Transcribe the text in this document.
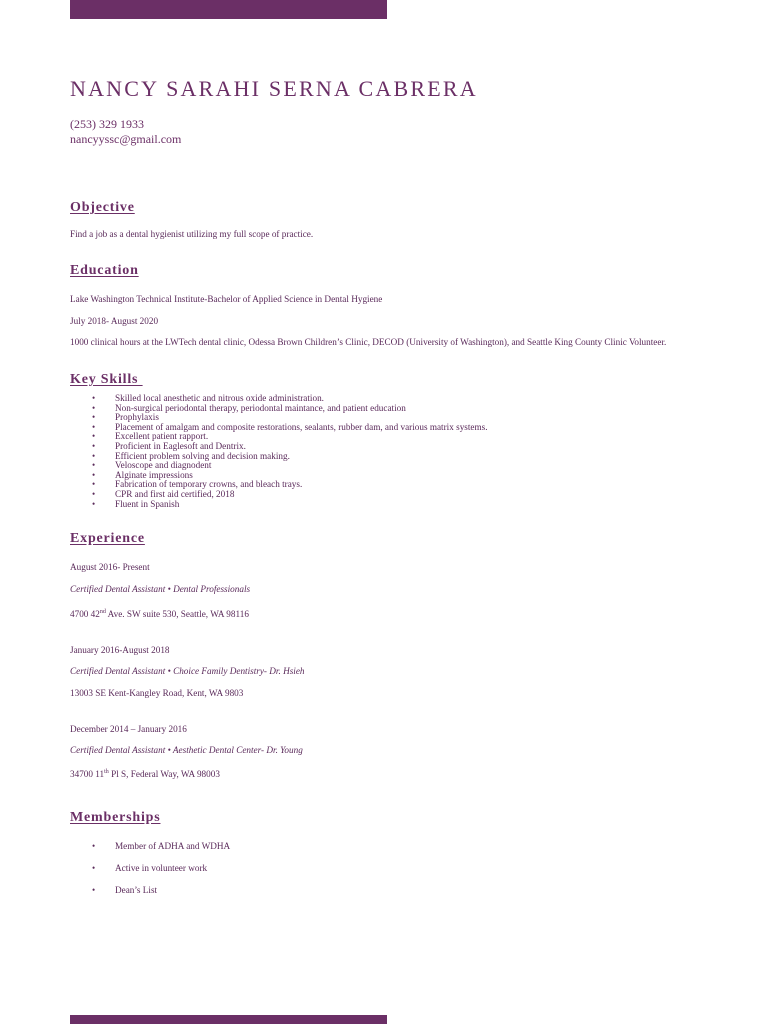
NANCY SARAHI SERNA CABRERA
(253) 329 1933
nancyyssc@gmail.com
Objective
Find a job as a dental hygienist utilizing my full scope of practice.
Education
Lake Washington Technical Institute-Bachelor of Applied Science in Dental Hygiene
July 2018- August 2020
1000 clinical hours at the LWTech dental clinic, Odessa Brown Children’s Clinic, DECOD (University of Washington), and Seattle King County Clinic Volunteer.
Key Skills
• Skilled local anesthetic and nitrous oxide administration.
• Non-surgical periodontal therapy, periodontal maintance, and patient education
• Prophylaxis
• Placement of amalgam and composite restorations, sealants, rubber dam, and various matrix systems.
• Excellent patient rapport.
• Proficient in Eaglesoft and Dentrix.
• Efficient problem solving and decision making.
• Veloscope and diagnodent
• Alginate impressions
• Fabrication of temporary crowns, and bleach trays.
• CPR and first aid certified, 2018
• Fluent in Spanish
Experience
August 2016- Present
Certified Dental Assistant • Dental Professionals
4700 42nd Ave. SW suite 530, Seattle, WA 98116
January 2016-August 2018
Certified Dental Assistant • Choice Family Dentistry- Dr. Hsieh
13003 SE Kent-Kangley Road, Kent, WA 9803
December 2014 – January 2016
Certified Dental Assistant • Aesthetic Dental Center- Dr. Young
34700 11th Pl S, Federal Way, WA 98003
Memberships
• Member of ADHA and WDHA
• Active in volunteer work
• Dean’s List
